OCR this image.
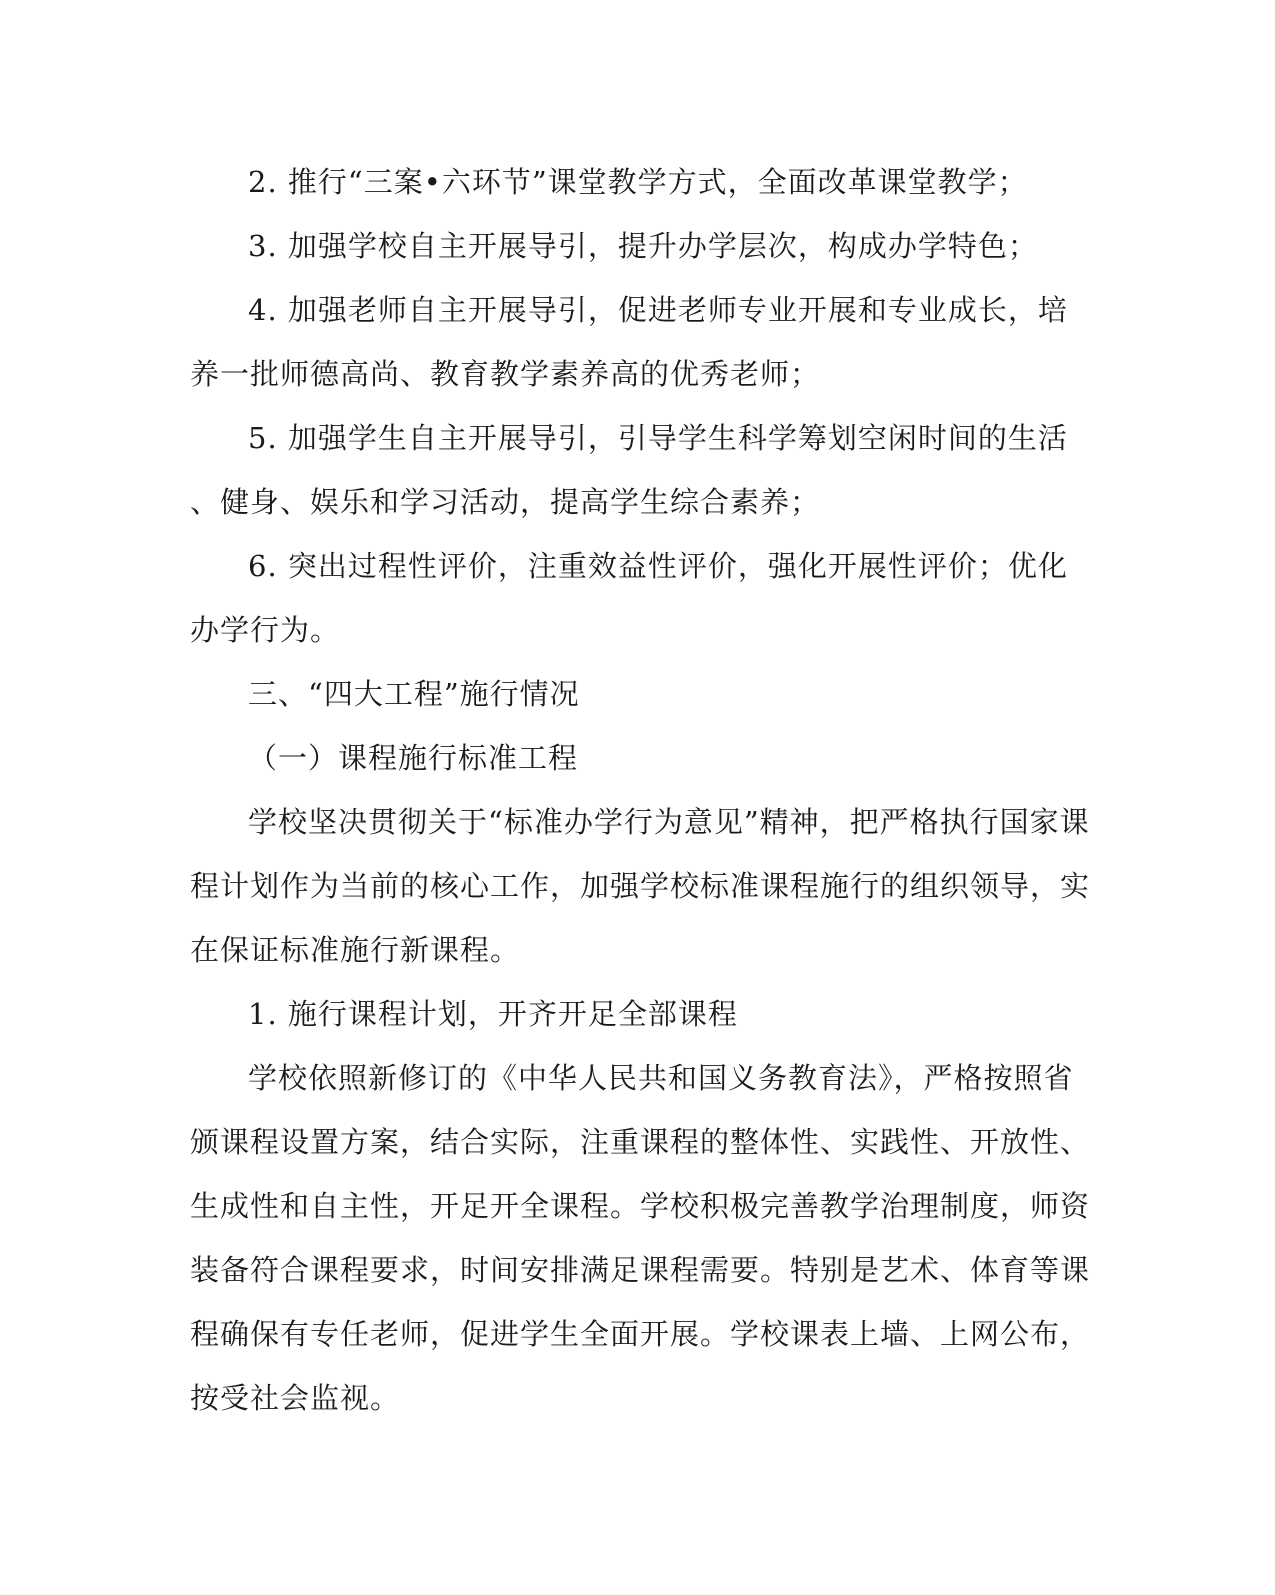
2. 推行“三案•六环节”课堂教学方式，全面改革课堂教学；
3. 加强学校自主开展导引，提升办学层次，构成办学特色；
4. 加强老师自主开展导引，促进老师专业开展和专业成长，培
养一批师德高尚、教育教学素养高的优秀老师；
5. 加强学生自主开展导引，引导学生科学筹划空闲时间的生活
、健身、娱乐和学习活动，提高学生综合素养；
6. 突出过程性评价，注重效益性评价，强化开展性评价；优化
办学行为。
三、“四大工程”施行情况
（一）课程施行标准工程
学校坚决贯彻关于“标准办学行为意见”精神，把严格执行国家课
程计划作为当前的核心工作，加强学校标准课程施行的组织领导，实
在保证标准施行新课程。
1. 施行课程计划，开齐开足全部课程
学校依照新修订的《中华人民共和国义务教育法》，严格按照省
颁课程设置方案，结合实际，注重课程的整体性、实践性、开放性、
生成性和自主性，开足开全课程。学校积极完善教学治理制度，师资
装备符合课程要求，时间安排满足课程需要。特别是艺术、体育等课
程确保有专任老师，促进学生全面开展。学校课表上墙、上网公布，
按受社会监视。
